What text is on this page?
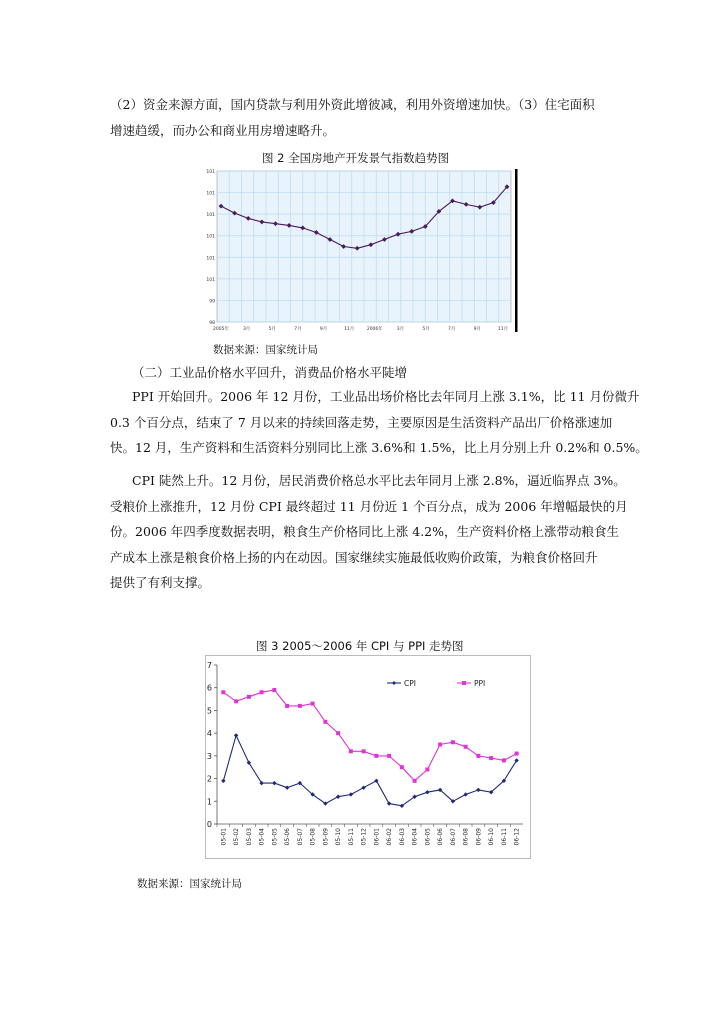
（2）资金来源方面，国内贷款与利用外资此增彼减，利用外资增速加快。（3）住宅面积
增速趋缓，而办公和商业用房增速略升。
图 2 全国房地产开发景气指数趋势图
101
101
101
101
101
101
99
98
2005年	3月	5月	7月	9月	11月	2006年	3月	5月	7月	9月	11月
数据来源：国家统计局
（二）工业品价格水平回升，消费品价格水平陡增
PPI 开始回升。2006 年 12 月份，工业品出场价格比去年同月上涨 3.1%，比 11 月份微升
0.3 个百分点，结束了 7 月以来的持续回落走势，主要原因是生活资料产品出厂价格涨速加
快。12 月，生产资料和生活资料分别同比上涨 3.6%和 1.5%，比上月分别上升 0.2%和 0.5%。
CPI 陡然上升。12 月份，居民消费价格总水平比去年同月上涨 2.8%，逼近临界点 3%。
受粮价上涨推升，12 月份 CPI 最终超过 11 月份近 1 个百分点，成为 2006 年增幅最快的月
份。2006 年四季度数据表明，粮食生产价格同比上涨 4.2%，生产资料价格上涨带动粮食生
产成本上涨是粮食价格上扬的内在动因。国家继续实施最低收购价政策，为粮食价格回升
提供了有利支撑。
图 3 2005～2006 年 CPI 与 PPI 走势图
0
1
2
3
4
5
6
7
05-01 05-02 05-03 05-04 05-05 05-06 05-07 05-08 05-09 05-10 05-11 05-12 06-01 06-02 06-03 06-04 06-05 06-06 06-07 06-08 06-09 06-10 06-11 06-12
CPI	PPI
数据来源：国家统计局
